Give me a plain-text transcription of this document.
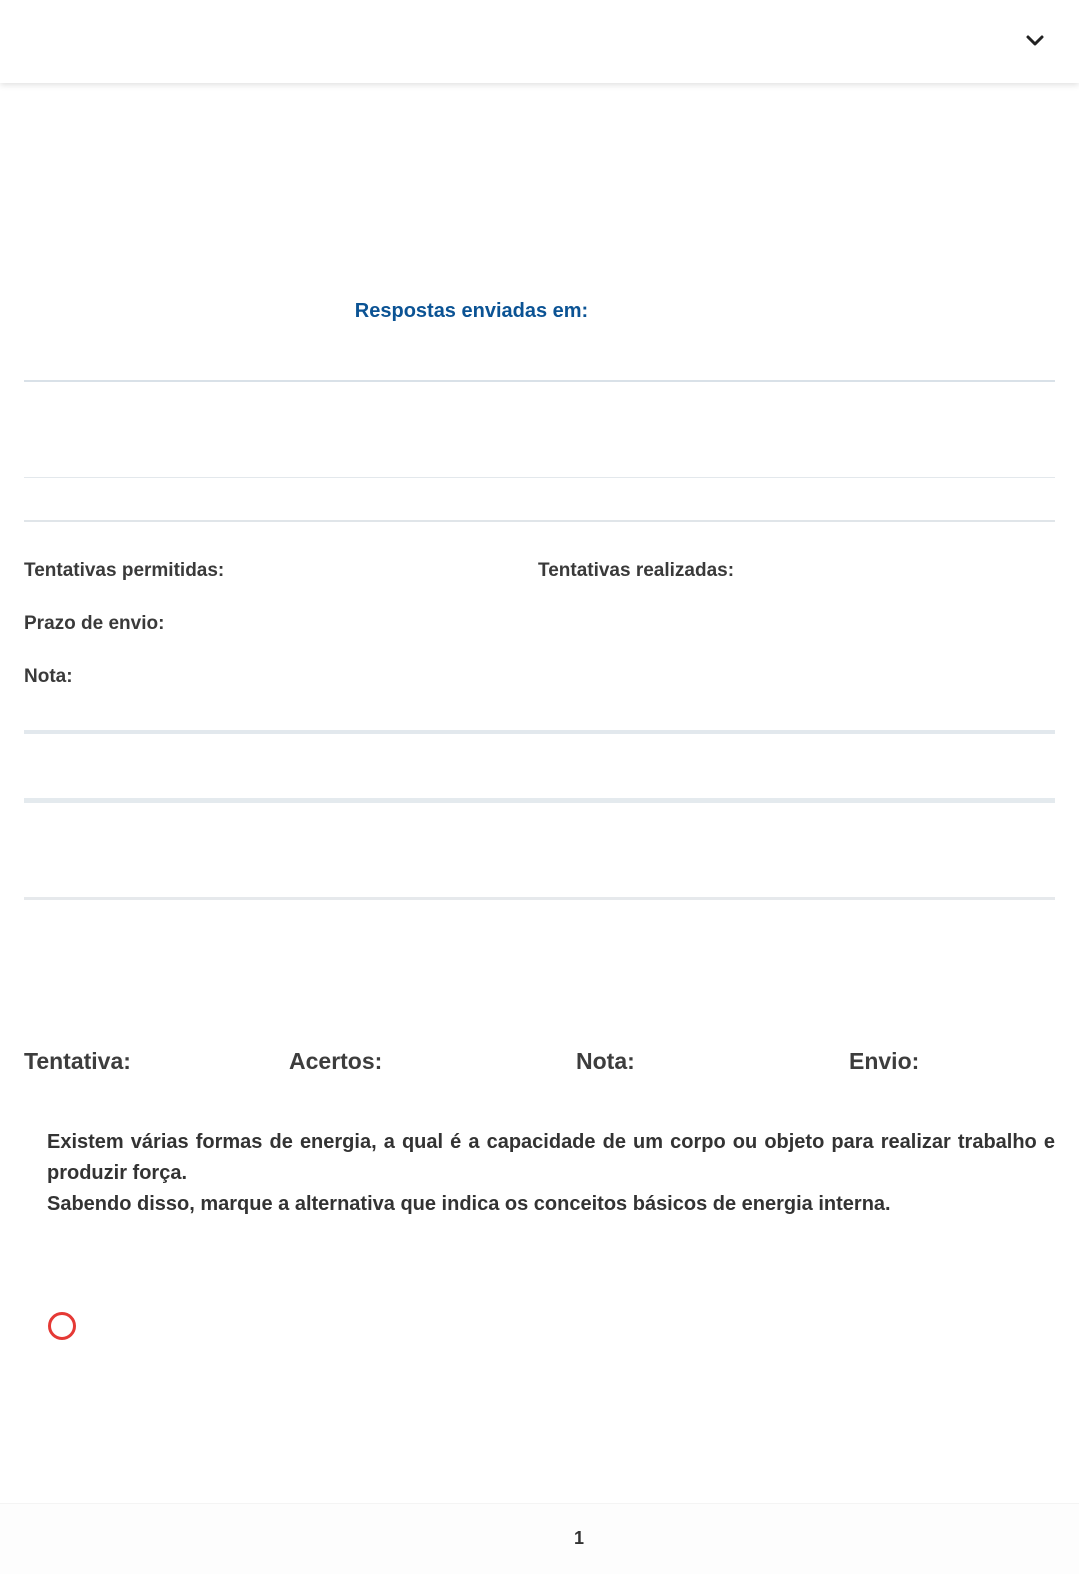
Respostas enviadas em:
Tentativas permitidas:	Tentativas realizadas:
Prazo de envio:
Nota:
Tentativa:	Acertos:	Nota:	Envio:

Existem várias formas de energia, a qual é a capacidade de um corpo ou objeto para realizar trabalho e produzir força.

Sabendo disso, marque a alternativa que indica os conceitos básicos de energia interna.

1
